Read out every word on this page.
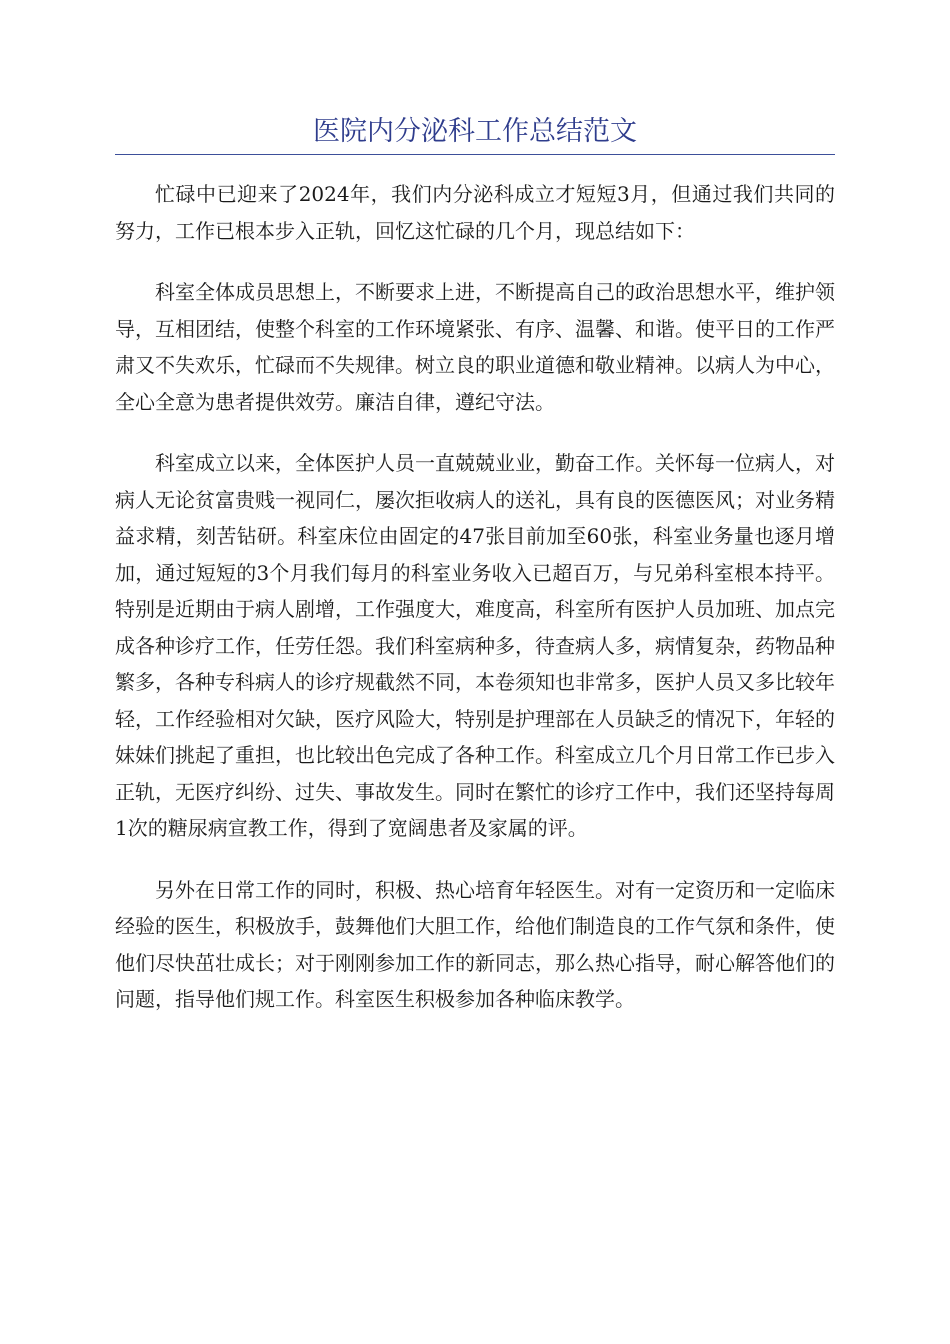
医院内分泌科工作总结范文

忙碌中已迎来了2024年，我们内分泌科成立才短短3月，但通过我们共同的努力，工作已根本步入正轨，回忆这忙碌的几个月，现总结如下：

科室全体成员思想上，不断要求上进，不断提高自己的政治思想水平，维护领导，互相团结，使整个科室的工作环境紧张、有序、温馨、和谐。使平日的工作严肃又不失欢乐，忙碌而不失规律。树立良的职业道德和敬业精神。以病人为中心，全心全意为患者提供效劳。廉洁自律，遵纪守法。

科室成立以来，全体医护人员一直兢兢业业，勤奋工作。关怀每一位病人，对病人无论贫富贵贱一视同仁，屡次拒收病人的送礼，具有良的医德医风；对业务精益求精，刻苦钻研。科室床位由固定的47张目前加至60张，科室业务量也逐月增加，通过短短的3个月我们每月的科室业务收入已超百万，与兄弟科室根本持平。特别是近期由于病人剧增，工作强度大，难度高，科室所有医护人员加班、加点完成各种诊疗工作，任劳任怨。我们科室病种多，待查病人多，病情复杂，药物品种繁多，各种专科病人的诊疗规截然不同，本卷须知也非常多，医护人员又多比较年轻，工作经验相对欠缺，医疗风险大，特别是护理部在人员缺乏的情况下，年轻的妹妹们挑起了重担，也比较出色完成了各种工作。科室成立几个月日常工作已步入正轨，无医疗纠纷、过失、事故发生。同时在繁忙的诊疗工作中，我们还坚持每周1次的糖尿病宣教工作，得到了宽阔患者及家属的评。

另外在日常工作的同时，积极、热心培育年轻医生。对有一定资历和一定临床经验的医生，积极放手，鼓舞他们大胆工作，给他们制造良的工作气氛和条件，使他们尽快茁壮成长；对于刚刚参加工作的新同志，那么热心指导，耐心解答他们的问题，指导他们规工作。科室医生积极参加各种临床教学。
